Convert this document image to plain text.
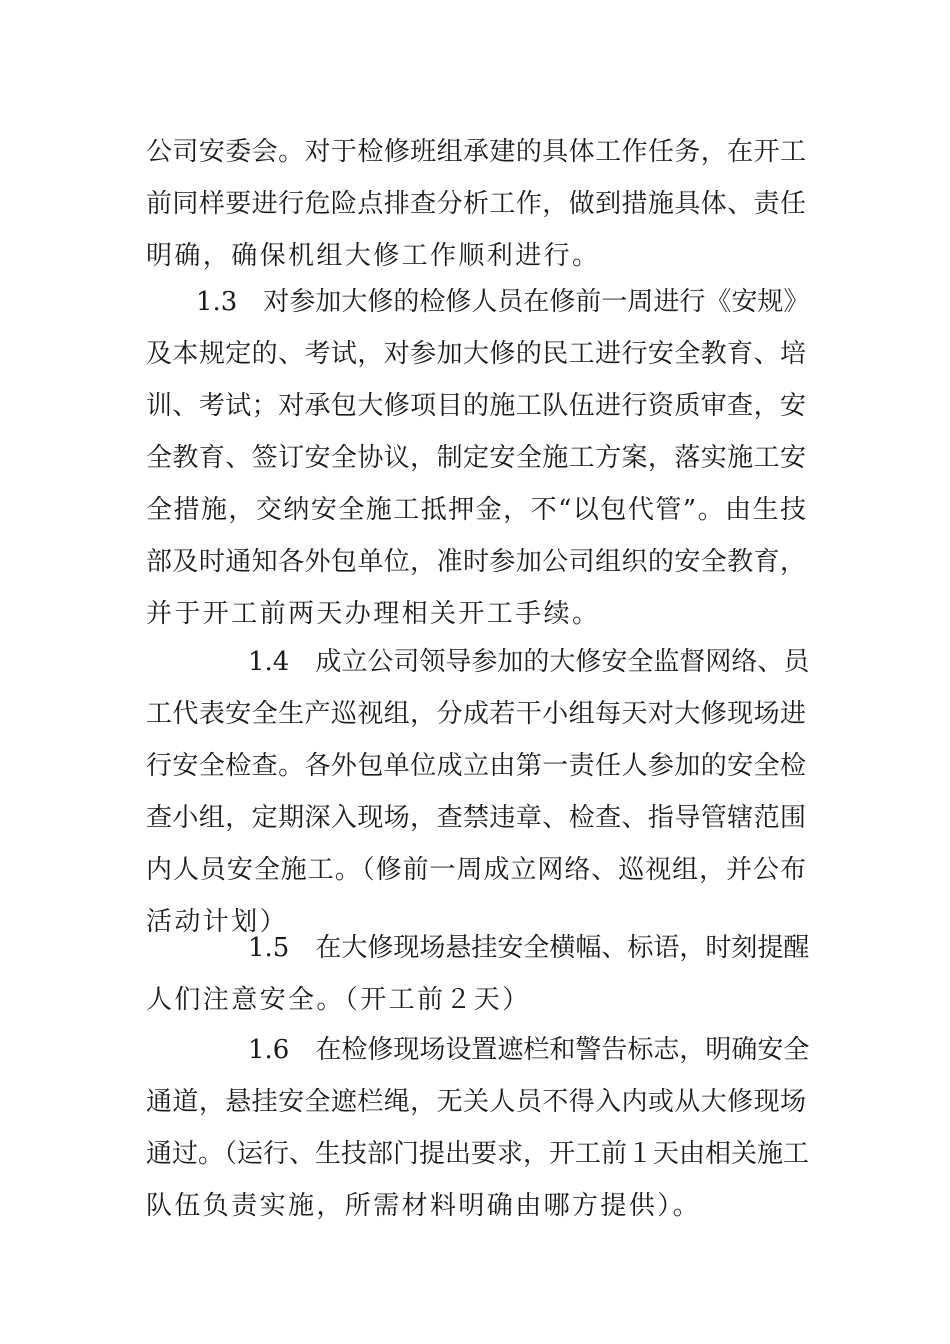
公司安委会。对于检修班组承建的具体工作任务，在开工
前同样要进行危险点排查分析工作，做到措施具体、责任
明确，确保机组大修工作顺利进行。
1.3　对参加大修的检修人员在修前一周进行《安规》
及本规定的、考试，对参加大修的民工进行安全教育、培
训、考试；对承包大修项目的施工队伍进行资质审查，安
全教育、签订安全协议，制定安全施工方案，落实施工安
全措施，交纳安全施工抵押金，不“以包代管”。由生技
部及时通知各外包单位，准时参加公司组织的安全教育，
并于开工前两天办理相关开工手续。
1.4　成立公司领导参加的大修安全监督网络、员
工代表安全生产巡视组，分成若干小组每天对大修现场进
行安全检查。各外包单位成立由第一责任人参加的安全检
查小组，定期深入现场，查禁违章、检查、指导管辖范围
内人员安全施工。（修前一周成立网络、巡视组，并公布
活动计划）
1.5　在大修现场悬挂安全横幅、标语，时刻提醒
人们注意安全。（开工前２天）
1.6　在检修现场设置遮栏和警告标志，明确安全
通道，悬挂安全遮栏绳，无关人员不得入内或从大修现场
通过。（运行、生技部门提出要求，开工前１天由相关施工
队伍负责实施，所需材料明确由哪方提供）。
